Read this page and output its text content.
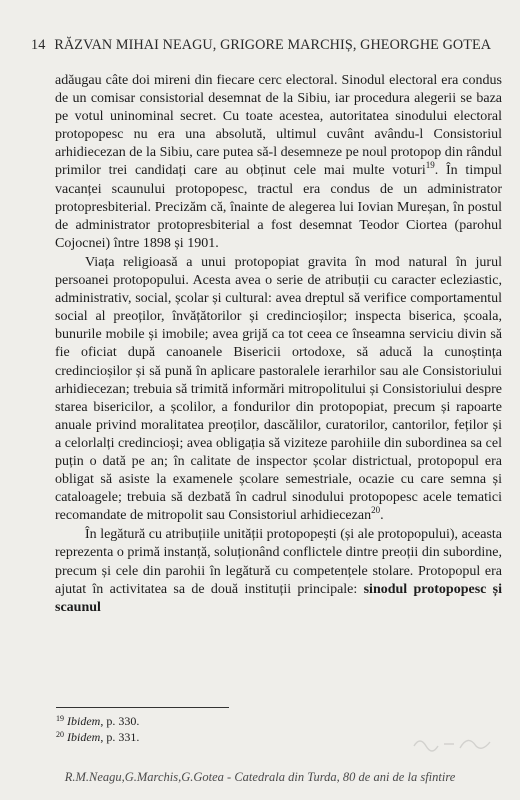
14 RĂZVAN MIHAI NEAGU, GRIGORE MARCHIȘ, GHEORGHE GOTEA

adăugau câte doi mireni din fiecare cerc electoral. Sinodul electoral era condus de un comisar consistorial desemnat de la Sibiu, iar procedura alegerii se baza pe votul uninominal secret. Cu toate acestea, autoritatea sinodului electoral protopopesc nu era una absolută, ultimul cuvânt avându-l Consistoriul arhidiecezan de la Sibiu, care putea să-l desemneze pe noul protopop din rândul primilor trei candidați care au obținut cele mai multe voturi$^{19}$. În timpul vacanței scaunului protopopesc, tractul era condus de un administrator protopresbiterial. Precizăm că, înainte de alegerea lui Iovian Mureșan, în postul de administrator protopresbiterial a fost desemnat Teodor Ciortea (parohul Cojocnei) între 1898 și 1901.

Viața religioasă a unui protopopiat gravita în mod natural în jurul persoanei protopopului. Acesta avea o serie de atribuții cu caracter ecleziastic, administrativ, social, școlar și cultural: avea dreptul să verifice comportamentul social al preoților, învățătorilor și credincioșilor; inspecta biserica, școala, bunurile mobile și imobile; avea grijă ca tot ceea ce înseamna serviciu divin să fie oficiat după canoanele Bisericii ortodoxe, să aducă la cunoștința credincioșilor și să pună în aplicare pastoralele ierarhilor sau ale Consistoriului arhidiecezan; trebuia să trimită informări mitropolitului și Consistoriului despre starea bisericilor, a școlilor, a fondurilor din protopopiat, precum și rapoarte anuale privind moralitatea preoților, dascălilor, curatorilor, cantorilor, feților și a celorlalți credincioși; avea obligația să viziteze parohiile din subordinea sa cel puțin o dată pe an; în calitate de inspector școlar districtual, protopopul era obligat să asiste la examenele școlare semestriale, ocazie cu care semna și cataloagele; trebuia să dezbată în cadrul sinodului protopopesc acele tematici recomandate de mitropolit sau Consistoriul arhidiecezan$^{20}$.

În legătură cu atribuțiile unității protopopești (și ale protopopului), aceasta reprezenta o primă instanță, soluționând conflictele dintre preoții din subordine, precum și cele din parohii în legătură cu competențele stolare. Protopopul era ajutat în activitatea sa de două instituții principale: sinodul protopopesc și scaunul

$^{19}$ Ibidem, p. 330.
$^{20}$ Ibidem, p. 331.
R.M.Neagu,G.Marchis,G.Gotea - Catedrala din Turda, 80 de ani de la sfintire
